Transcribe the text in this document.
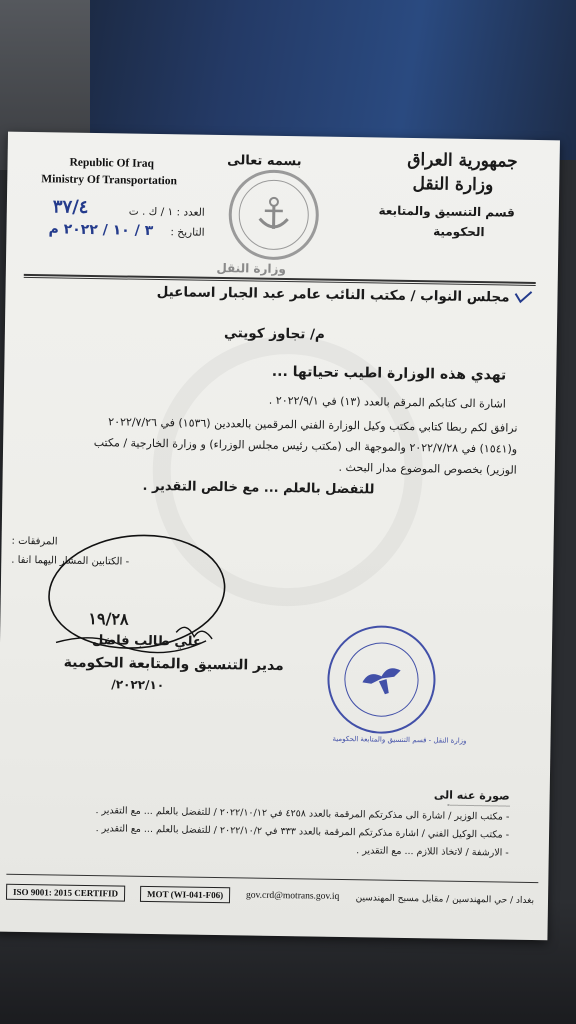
Republic Of Iraq
Ministry Of Transportation
بسمه تعالى	جمهورية العراق
وزارة النقل
قسم التنسيق والمتابعة
الحكومية
العدد : ١ / ك . ت
٣٧/٤
التاريخ :
٣ / ١٠ / ٢٠٢٢ م
وزارة النقل
مجلس النواب / مكتب النائب عامر عبد الجبار اسماعيل
م/ تجاوز كويتي
تهدي هذه الوزارة اطيب تحياتها ...
اشارة الى كتابكم المرقم بالعدد (١٣) في ٢٠٢٢/٩/١ .
نرافق لكم ربطا كتابي مكتب وكيل الوزارة الفني المرقمين بالعددين (١٥٣٦) في ٢٠٢٢/٧/٢٦
و(١٥٤١) في ٢٠٢٢/٧/٢٨ والموجهة الى (مكتب رئيس مجلس الوزراء) و وزارة الخارجية / مكتب
الوزير) بخصوص الموضوع مدار البحث .
للتفضل بالعلم ... مع خالص التقدير .
المرفقات :
- الكتابين المشار اليهما انفا .
١٩/٢٨
علي طالب فاضل
مدير التنسيق والمتابعة الحكومية
٢٠٢٢/١٠/
وزارة النقل - قسم التنسيق والمتابعة الحكومية
صورة عنه الى
- مكتب الوزير / اشارة الى مذكرتكم المرقمة بالعدد ٤٢٥٨ في ٢٠٢٢/١٠/١٢ / للتفضل بالعلم ... مع التقدير .
- مكتب الوكيل الفني / اشارة مذكرتكم المرقمة بالعدد ٣٣٣ في ٢٠٢٢/١٠/٢ / للتفضل بالعلم ... مع التقدير .
- الارشفة / لاتخاذ اللازم ... مع التقدير .
ISO 9001: 2015 CERTIFID	MOT (WI-041-F06)	gov.crd@motrans.gov.iq بغداد / حي المهندسين / مقابل مسبح المهندسين
